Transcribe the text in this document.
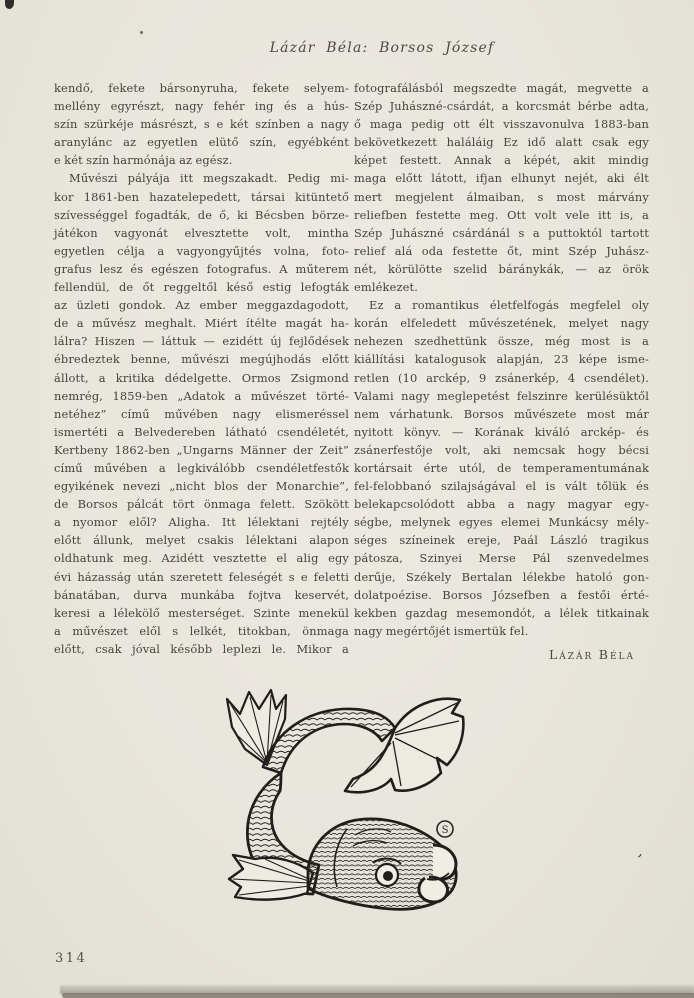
Lázár Béla: Borsos József
kendő, fekete bársonyruha, fekete selyem-
mellény egyrészt, nagy fehér ing és a hús-
szín szürkéje másrészt, s e két színben a nagy
aranylánc az egyetlen elütő szín, egyébként
e két szín harmónája az egész.
Művészi pályája itt megszakadt. Pedig mi-
kor 1861-ben hazatelepedett, társai kitüntető
szívességgel fogadták, de ő, ki Bécsben börze-
játékon vagyonát elvesztette volt, mintha
egyetlen célja a vagyongyűjtés volna, foto-
grafus lesz és egészen fotografus. A műterem
fellendül, de őt reggeltől késő estig lefogták
az üzleti gondok. Az ember meggazdagodott,
de a művész meghalt. Miért ítélte magát ha-
lálra? Hiszen — láttuk — ezidétt új fejlődések
ébredeztek benne, művészi megújhodás előtt
állott, a kritika dédelgette. Ormos Zsigmond
nemrég, 1859-ben „Adatok a művészet törté-
netéhez” című művében nagy elismeréssel
ismertéti a Belvedereben látható csendéletét,
Kertbeny 1862-ben „Ungarns Männer der Zeit”
című művében a legkiválóbb csendéletfestők
egyikének nevezi „nicht blos der Monarchie”,
de Borsos pálcát tört önmaga felett. Szökött
a nyomor elől? Aligha. Itt lélektani rejtély
előtt állunk, melyet csakis lélektani alapon
oldhatunk meg. Azidétt vesztette el alig egy
évi házasság után szeretett feleségét s e feletti
bánatában, durva munkába fojtva keservét,
keresi a lélekölő mesterséget. Szinte menekül
a művészet elől s lelkét, titokban, önmaga
előtt, csak jóval később leplezi le. Mikor a
fotografálásból megszedte magát, megvette a
Szép Juhászné-csárdát, a korcsmát bérbe adta,
ő maga pedig ott élt visszavonulva 1883-ban
bekövetkezett haláláig Ez idő alatt csak egy
képet festett. Annak a képét, akit mindig
maga előtt látott, ifjan elhunyt nejét, aki élt
mert megjelent álmaiban, s most márvány
reliefben festette meg. Ott volt vele itt is, a
Szép Juhászné csárdánál s a puttoktól tartott
relief alá oda festette őt, mint Szép Juhász-
nét, körülötte szelid báránykák, — az örök
emlékezet.
Ez a romantikus életfelfogás megfelel oly
korán elfeledett művészetének, melyet nagy
nehezen szedhettünk össze, még most is a
kiállítási katalogusok alapján, 23 képe isme-
retlen (10 arckép, 9 zsánerkép, 4 csendélet).
Valami nagy meglepetést felszinre kerülésüktől
nem várhatunk. Borsos művészete most már
nyitott könyv. — Korának kiváló arckép- és
zsánerfestője volt, aki nemcsak hogy bécsi
kortársait érte utól, de temperamentumának
fel-felobbanó szilajságával el is vált tőlük és
belekapcsolódott abba a nagy magyar egy-
ségbe, melynek egyes elemei Munkácsy mély-
séges színeinek ereje, Paál László tragikus
pátosza, Szinyei Merse Pál szenvedelmes
derűje, Székely Bertalan lélekbe hatoló gon-
dolatpoézise. Borsos Józsefben a festői érté-
kekben gazdag mesemondót, a lélek titkainak
nagy megértőjét ismertük fel.
Lázár Béla
S
ʼ
314
